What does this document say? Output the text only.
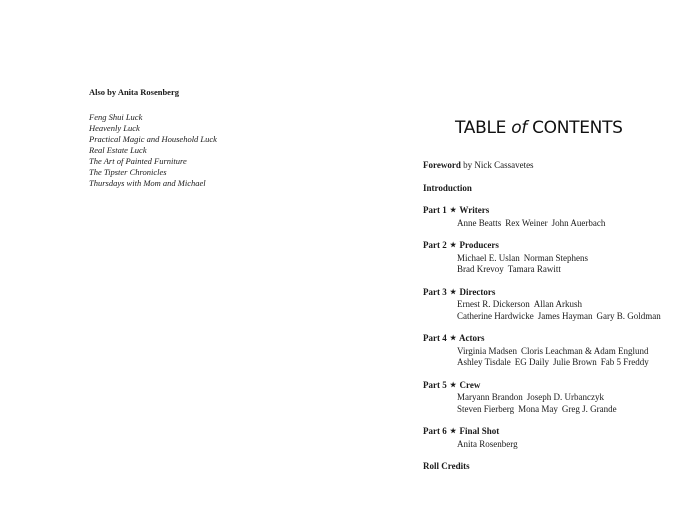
Also by Anita Rosenberg

Feng Shui Luck
Heavenly Luck
Practical Magic and Household Luck
Real Estate Luck
The Art of Painted Furniture
The Tipster Chronicles
Thursdays with Mom and Michael
TABLE of CONTENTS
Foreword by Nick Cassavetes
Introduction
Part 1 ★ Writers
Anne Beatts Rex Weiner John Auerbach
Part 2 ★ Producers
Michael E. Uslan Norman Stephens
Brad Krevoy Tamara Rawitt
Part 3 ★ Directors
Ernest R. Dickerson Allan Arkush
Catherine Hardwicke James Hayman Gary B. Goldman
Part 4 ★ Actors
Virginia Madsen Cloris Leachman & Adam Englund
Ashley Tisdale EG Daily Julie Brown Fab 5 Freddy
Part 5 ★ Crew
Maryann Brandon Joseph D. Urbanczyk
Steven Fierberg Mona May Greg J. Grande
Part 6 ★ Final Shot
Anita Rosenberg
Roll Credits
